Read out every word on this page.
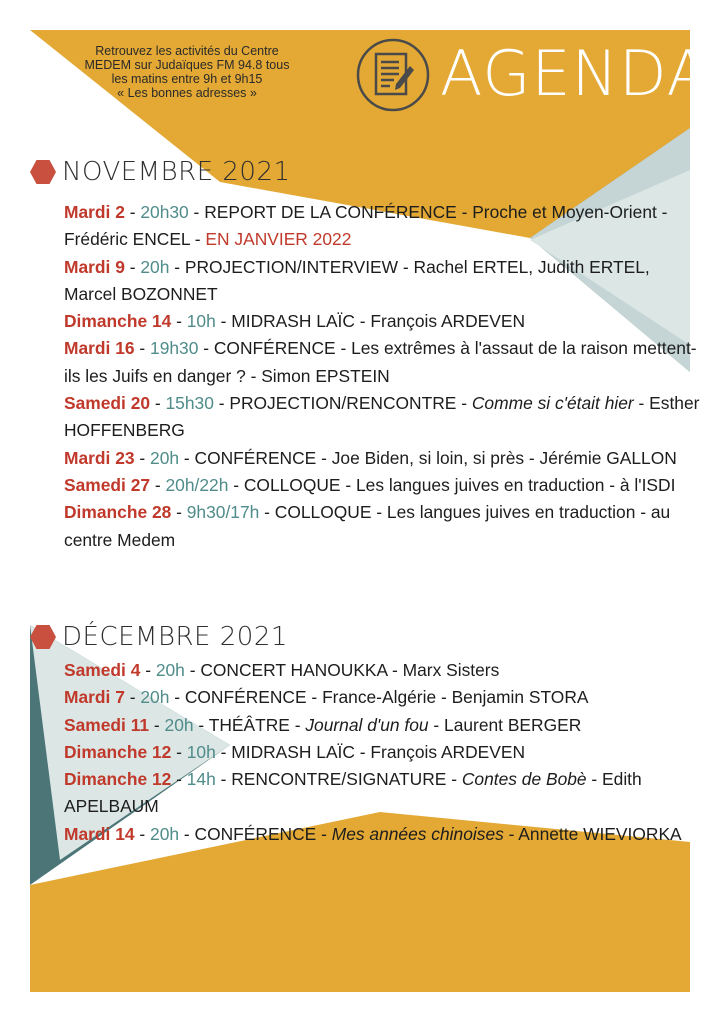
Retrouvez les activités du Centre
MEDEM sur Judaïques FM 94.8 tous
les matins entre 9h et 9h15
« Les bonnes adresses »	AGENDA
NOVEMBRE 2021
Mardi 2 - 20h30 - REPORT DE LA CONFÉRENCE - Proche et Moyen-Orient - Frédéric ENCEL - EN JANVIER 2022
Mardi 9 - 20h - PROJECTION/INTERVIEW - Rachel ERTEL, Judith ERTEL, Marcel BOZONNET
Dimanche 14 - 10h - MIDRASH LAÏC - François ARDEVEN
Mardi 16 - 19h30 - CONFÉRENCE - Les extrêmes à l'assaut de la raison mettent-ils les Juifs en danger ? - Simon EPSTEIN
Samedi 20 - 15h30 - PROJECTION/RENCONTRE - Comme si c'était hier - Esther HOFFENBERG
Mardi 23 - 20h - CONFÉRENCE - Joe Biden, si loin, si près - Jérémie GALLON
Samedi 27 - 20h/22h - COLLOQUE - Les langues juives en traduction - à l'ISDI
Dimanche 28 - 9h30/17h - COLLOQUE - Les langues juives en traduction - au centre Medem
DÉCEMBRE 2021
Samedi 4 - 20h - CONCERT HANOUKKA - Marx Sisters
Mardi 7 - 20h - CONFÉRENCE - France-Algérie - Benjamin STORA
Samedi 11 - 20h - THÉÂTRE - Journal d'un fou - Laurent BERGER
Dimanche 12 - 10h - MIDRASH LAÏC - François ARDEVEN
Dimanche 12 - 14h - RENCONTRE/SIGNATURE - Contes de Bobè - Edith APELBAUM
Mardi 14 - 20h - CONFÉRENCE - Mes années chinoises - Annette WIEVIORKA
